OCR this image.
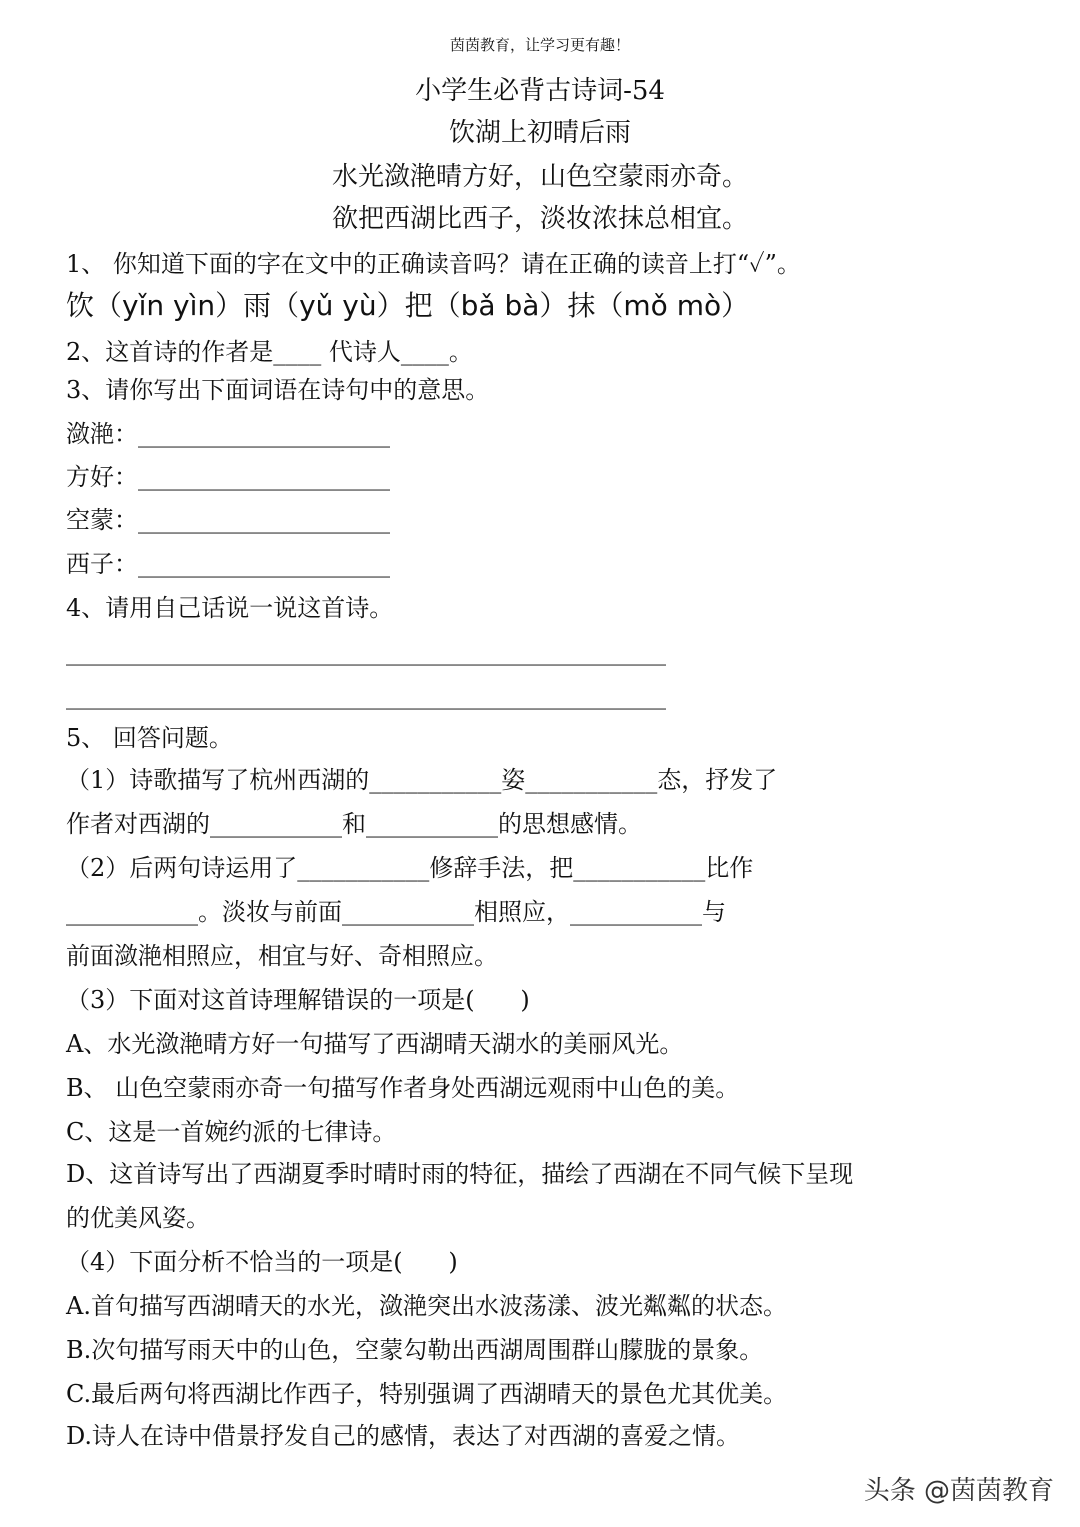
茵茵教育，让学习更有趣！
小学生必背古诗词-54
饮湖上初晴后雨
水光潋滟晴方好，山色空蒙雨亦奇。
欲把西湖比西子，淡妆浓抹总相宜。
1、 你知道下面的字在文中的正确读音吗？请在正确的读音上打“✓”。
饮（yǐn yìn）雨（yǔ yù）把（bǎ bà）抹（mǒ mò）
2、这首诗的作者是____ 代诗人____。
3、请你写出下面词语在诗句中的意思。
潋滟：_____________________
方好：_____________________
空蒙：_____________________
西子：_____________________
4、请用自己话说一说这首诗。
__________________________________________________
__________________________________________________
5、 回答问题。
（1）诗歌描写了杭州西湖的___________姿___________态，抒发了
作者对西湖的___________和___________的思想感情。
（2）后两句诗运用了___________修辞手法，把___________比作
___________。淡妆与前面___________相照应，___________与
前面潋滟相照应，相宜与好、奇相照应。
（3）下面对这首诗理解错误的一项是(      )
A、水光潋滟晴方好一句描写了西湖晴天湖水的美丽风光。
B、 山色空蒙雨亦奇一句描写作者身处西湖远观雨中山色的美。
C、这是一首婉约派的七律诗。
D、这首诗写出了西湖夏季时晴时雨的特征，描绘了西湖在不同气候下呈现
的优美风姿。
（4）下面分析不恰当的一项是(      )
A.首句描写西湖晴天的水光，潋滟突出水波荡漾、波光粼粼的状态。
B.次句描写雨天中的山色，空蒙勾勒出西湖周围群山朦胧的景象。
C.最后两句将西湖比作西子，特别强调了西湖晴天的景色尤其优美。
D.诗人在诗中借景抒发自己的感情，表达了对西湖的喜爱之情。
头条 @茵茵教育
